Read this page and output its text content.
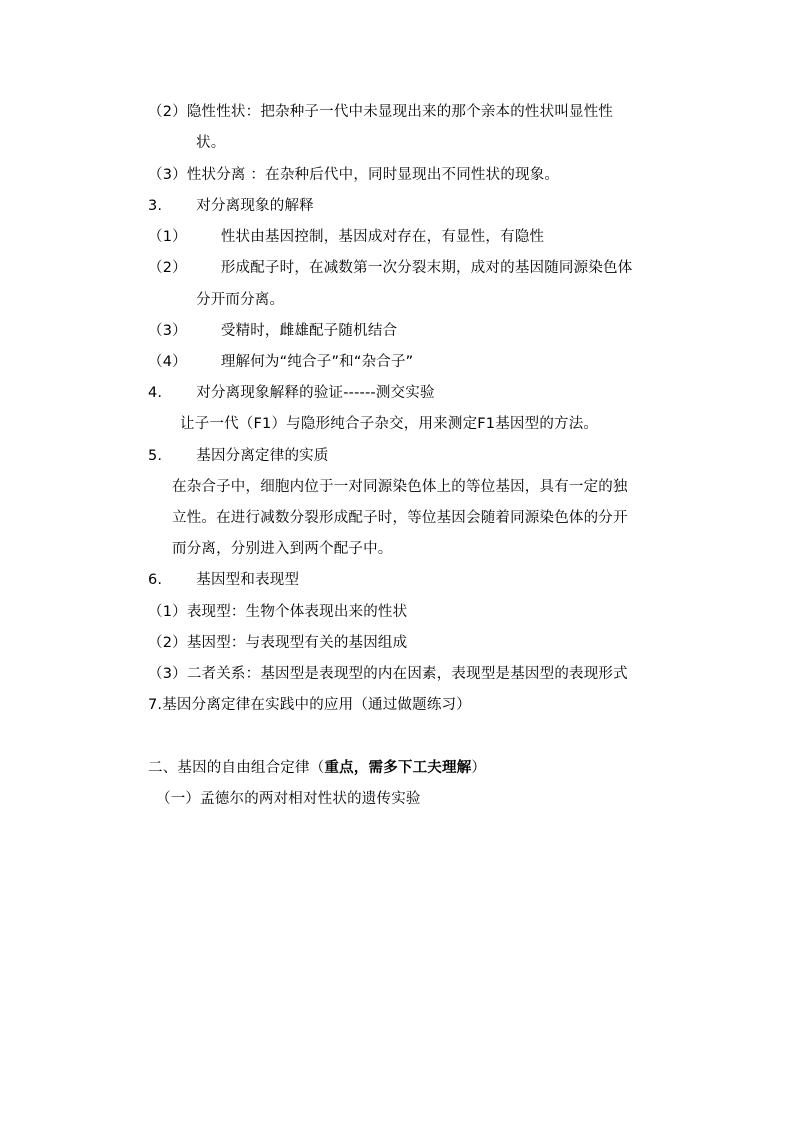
（2）隐性性状：把杂种子一代中未显现出来的那个亲本的性状叫显性性
状。
（3）性状分离 ：在杂种后代中，同时显现出不同性状的现象。
3. 对分离现象的解释
（1） 性状由基因控制，基因成对存在，有显性，有隐性
（2） 形成配子时，在减数第一次分裂末期，成对的基因随同源染色体
分开而分离。
（3） 受精时，雌雄配子随机结合
（4） 理解何为“纯合子”和“杂合子”
4. 对分离现象解释的验证------测交实验
让子一代（F1）与隐形纯合子杂交，用来测定F1基因型的方法。
5. 基因分离定律的实质
在杂合子中，细胞内位于一对同源染色体上的等位基因，具有一定的独
立性。在进行减数分裂形成配子时，等位基因会随着同源染色体的分开
而分离，分别进入到两个配子中。
6. 基因型和表现型
（1）表现型：生物个体表现出来的性状
（2）基因型：与表现型有关的基因组成
（3）二者关系：基因型是表现型的内在因素，表现型是基因型的表现形式
7.基因分离定律在实践中的应用（通过做题练习）
二、基因的自由组合定律（重点，需多下工夫理解）
（一）孟德尔的两对相对性状的遗传实验
